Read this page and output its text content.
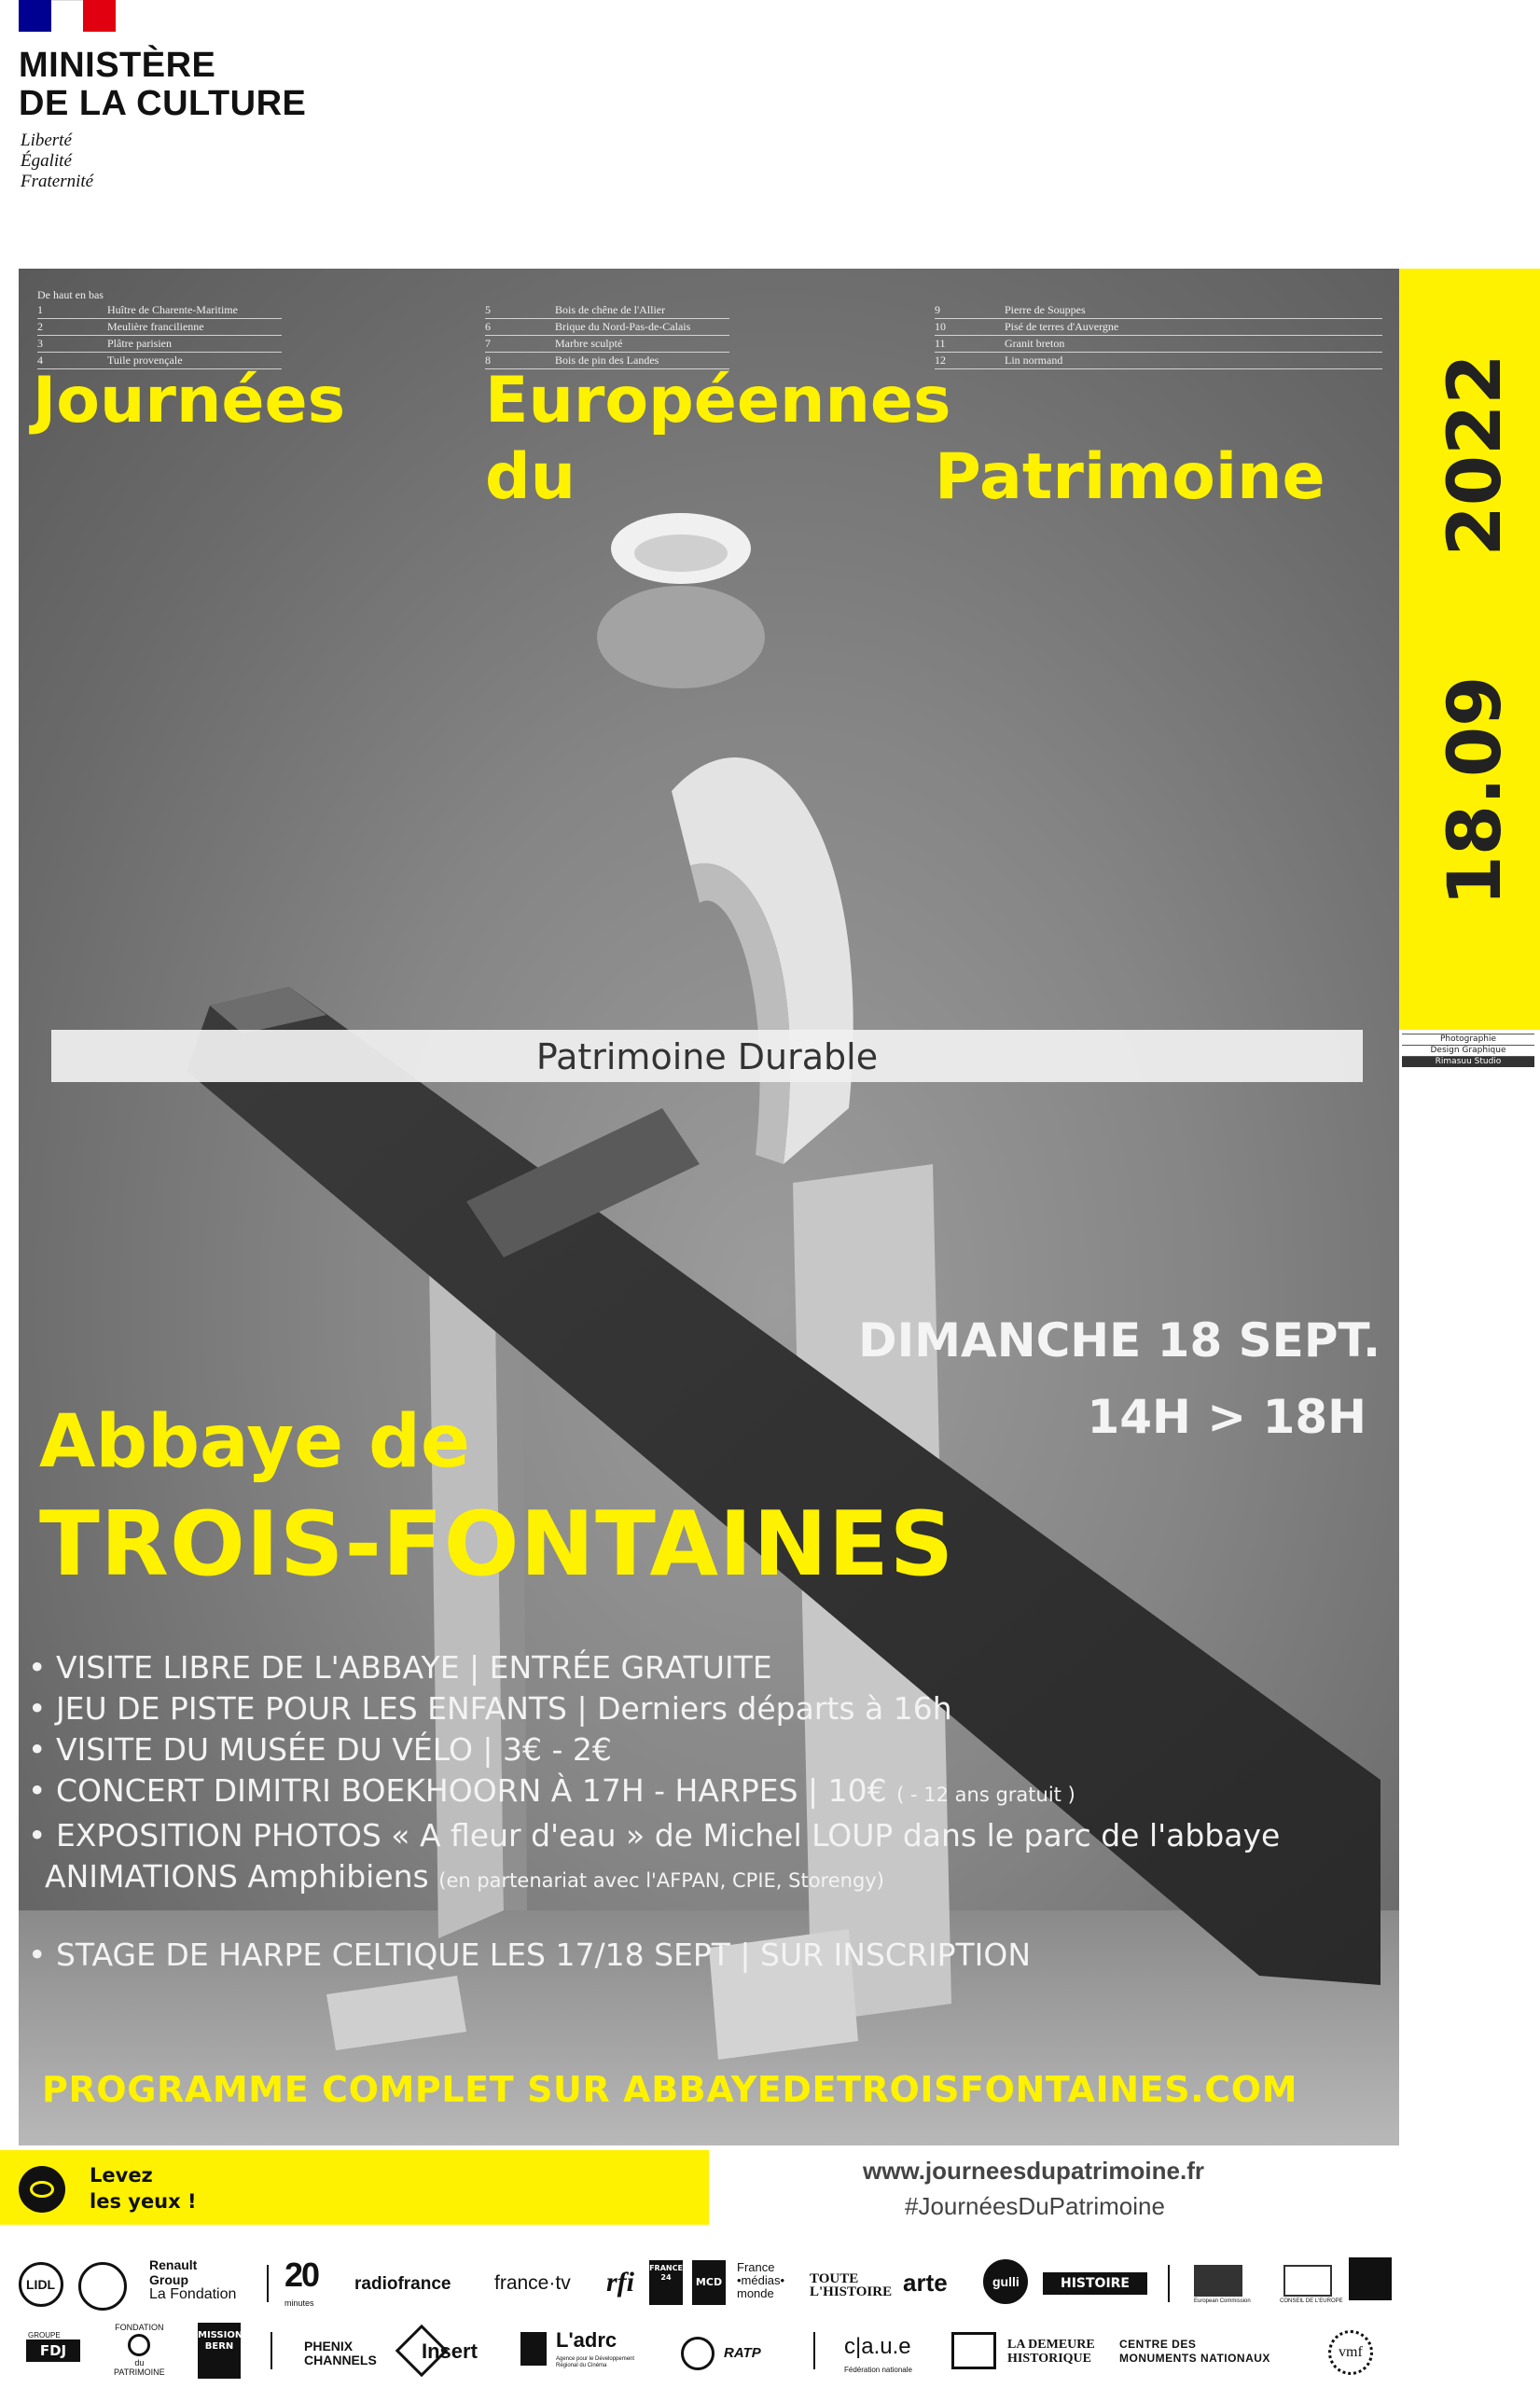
MINISTÈRE
DE LA CULTURE
Liberté
Égalité
Fraternité
De haut en bas
1	Huître de Charente-Maritime
2	Meulière francilienne
3	Plâtre parisien
4	Tuile provençale
5	Bois de chêne de l'Allier
6	Brique du Nord-Pas-de-Calais
7	Marbre sculpté
8	Bois de pin des Landes
9	Pierre de Souppes
10	Pisé de terres d'Auvergne
11	Granit breton
12	Lin normand
Journées Européennes
du	Patrimoine
Patrimoine Durable
DIMANCHE 18 SEPT.
14H > 18H
Abbaye de
TROIS-FONTAINES
• VISITE LIBRE DE L'ABBAYE | ENTRÉE GRATUITE
• JEU DE PISTE POUR LES ENFANTS | Derniers départs à 16h
• VISITE DU MUSÉE DU VÉLO | 3€ - 2€
• CONCERT DIMITRI BOEKHOORN À 17H - HARPES | 10€ ( - 12 ans gratuit )
• EXPOSITION PHOTOS « A fleur d'eau » de Michel LOUP dans le parc de l'abbaye
ANIMATIONS Amphibiens (en partenariat avec l'AFPAN, CPIE, Storengy)
• STAGE DE HARPE CELTIQUE LES 17/18 SEPT | SUR INSCRIPTION
PROGRAMME COMPLET SUR ABBAYEDETROISFONTAINES.COM
2022
18.09
Photographie
Design Graphique
Rimasuu Studio
Levez
les yeux !
www.journeesdupatrimoine.fr
#JournéesDuPatrimoine
LIDL
Renault
Group
La Fondation
20
minutes
radiofrance france·tv rfi FRANCE 24	MCD
France
•médias•
monde
TOUTE L'HISTOIRE arte	gulli	HISTOIRE
European Commission	CONSEIL DE L'EUROPE
GROUPE
FDJ
FONDATION
du
PATRIMOINE
MISSION BERN	PHENIX
CHANNELS Insert	L'adrc
Agence pour le Développement Régional du Cinéma
RATP	c|a.u.e
Fédération nationale
LA DEMEURE
HISTORIQUE
CENTRE DES
MONUMENTS NATIONAUX	vmf
